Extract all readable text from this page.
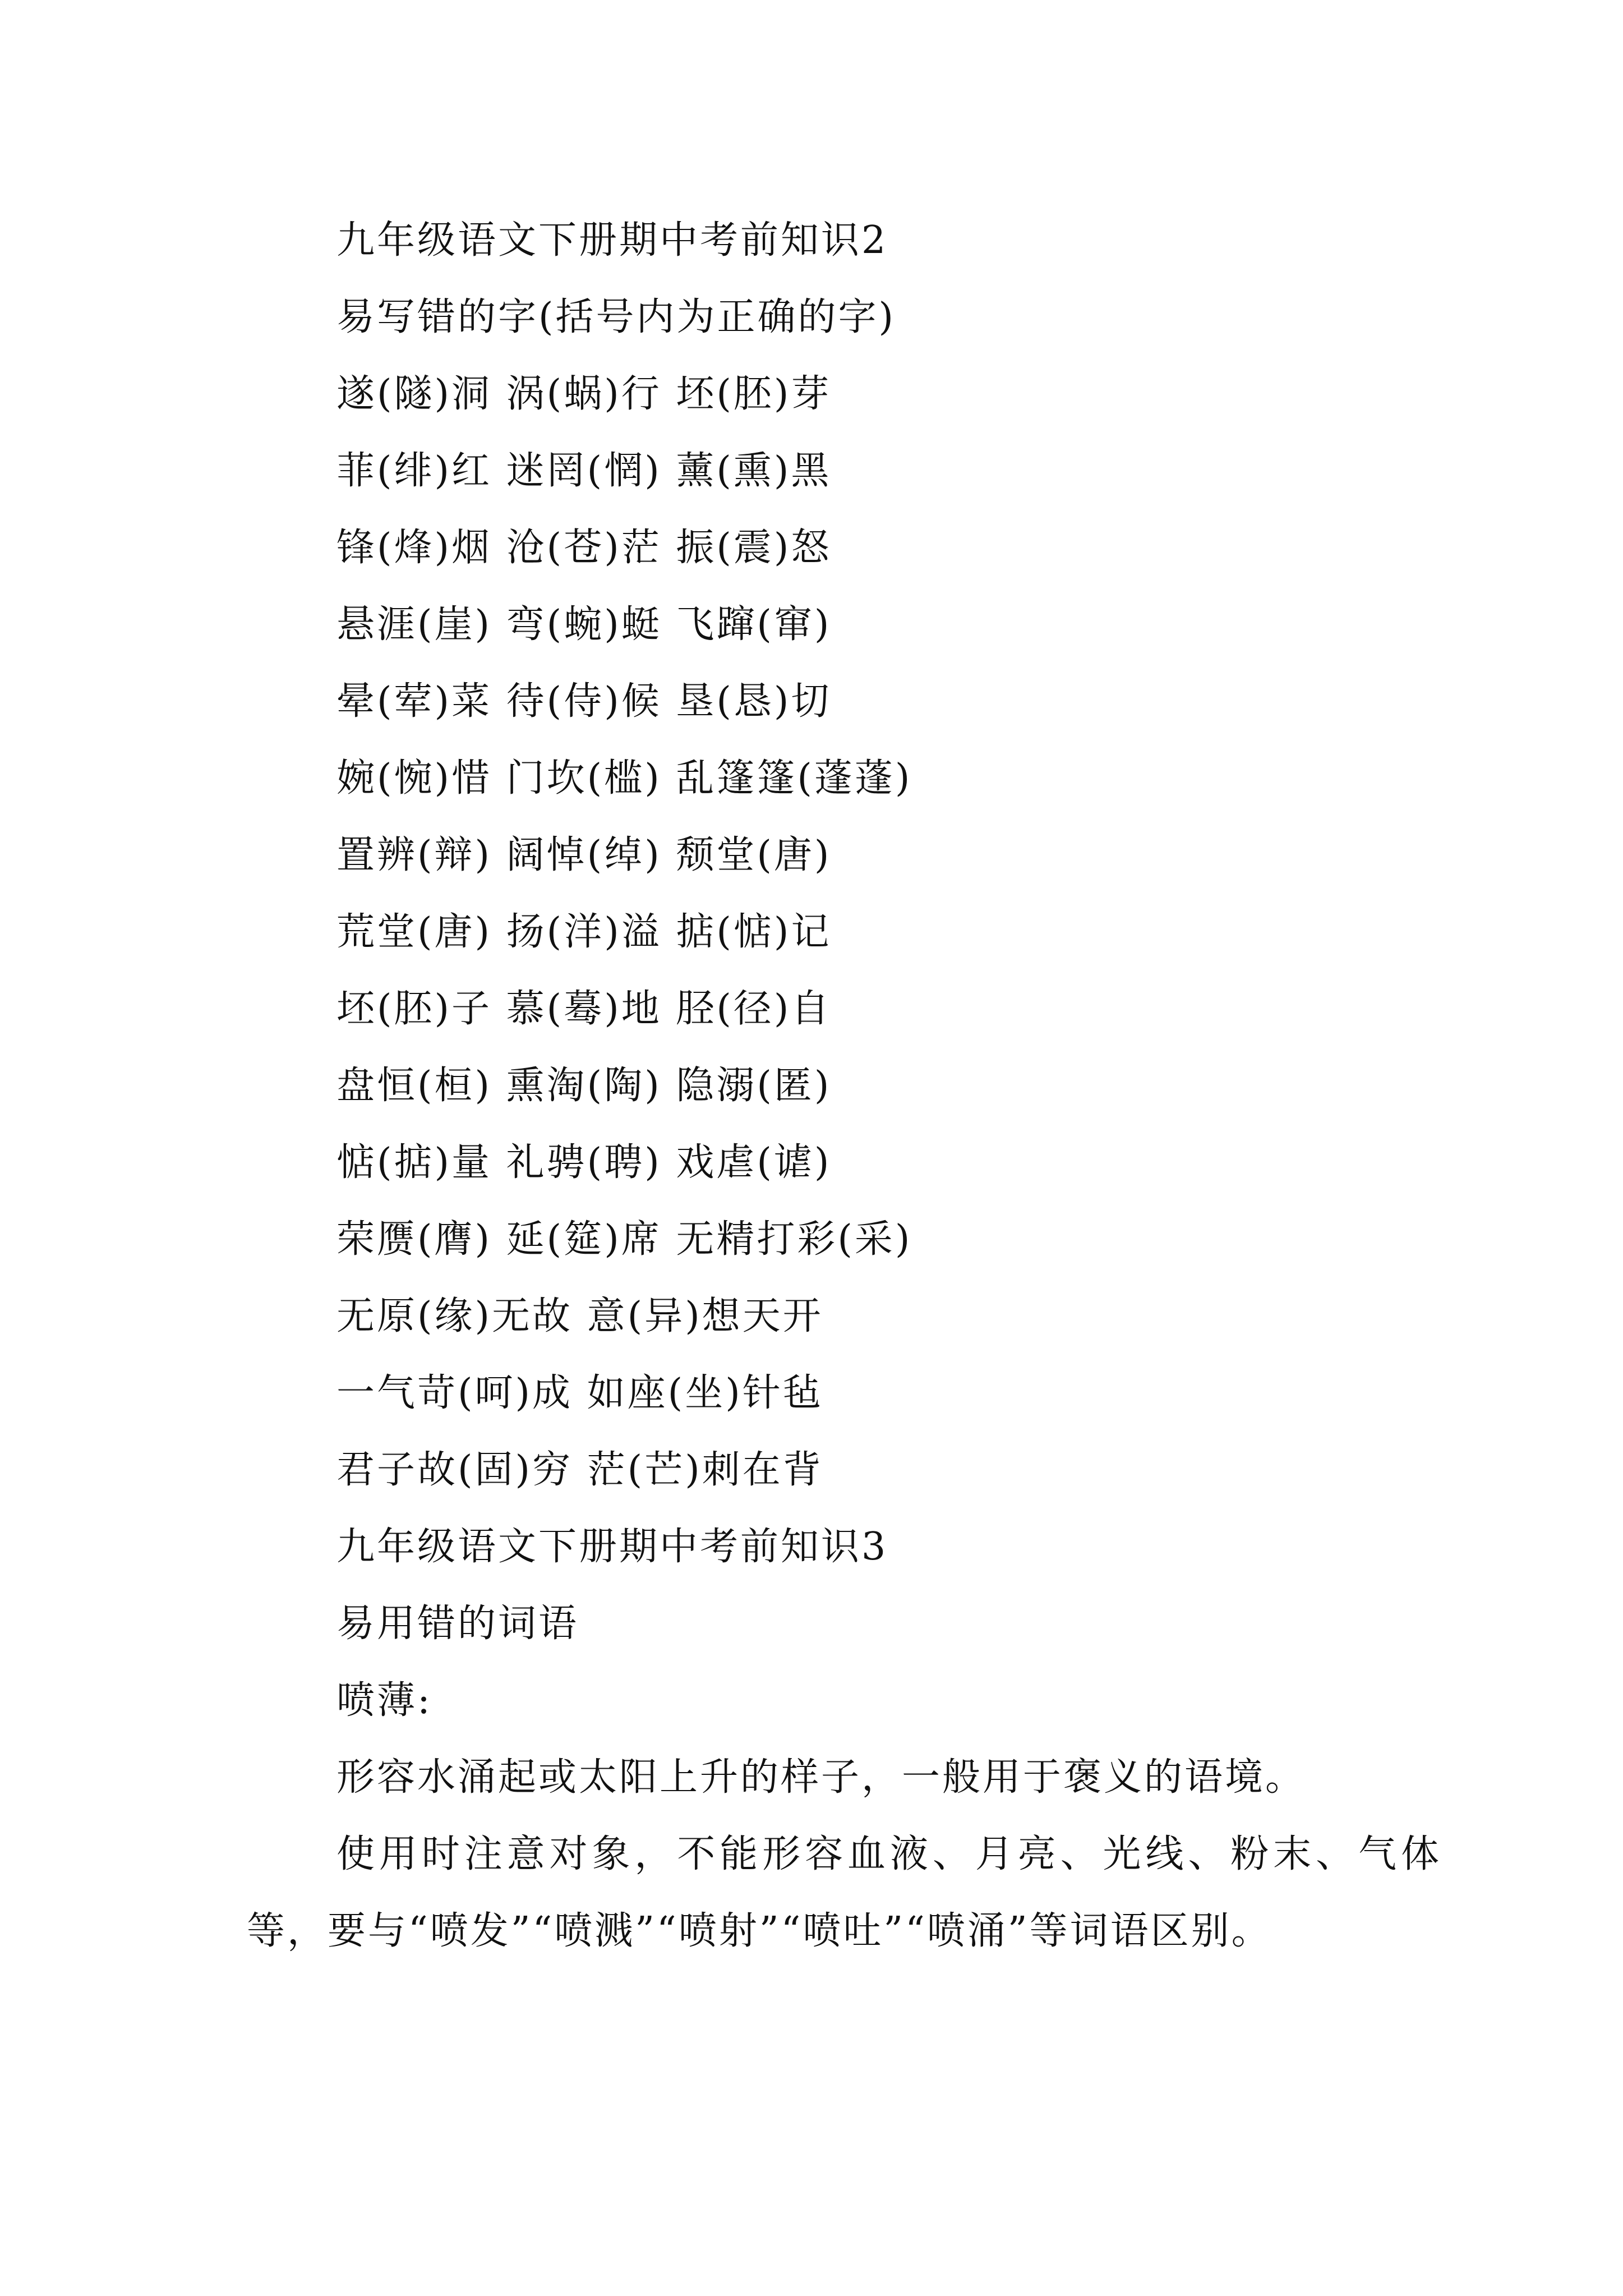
九年级语文下册期中考前知识2
易写错的字(括号内为正确的字)
遂(隧)洞 涡(蜗)行 坯(胚)芽
菲(绯)红 迷罔(惘) 薰(熏)黑
锋(烽)烟 沧(苍)茫 振(震)怒
悬涯(崖) 弯(蜿)蜓 飞蹿(窜)
晕(荤)菜 待(侍)候 垦(恳)切
婉(惋)惜 门坎(槛) 乱篷篷(蓬蓬)
置辨(辩) 阔悼(绰) 颓堂(唐)
荒堂(唐) 扬(洋)溢 掂(惦)记
坯(胚)子 慕(蓦)地 胫(径)自
盘恒(桓) 熏淘(陶) 隐溺(匿)
惦(掂)量 礼骋(聘) 戏虐(谑)
荣赝(膺) 延(筵)席 无精打彩(采)
无原(缘)无故 意(异)想天开
一气苛(呵)成 如座(坐)针毡
君子故(固)穷 茫(芒)刺在背
九年级语文下册期中考前知识3
易用错的词语
喷薄:
形容水涌起或太阳上升的样子，一般用于褒义的语境。
使用时注意对象，不能形容血液、月亮、光线、粉末、气体等，要与“喷发”“喷溅”“喷射”“喷吐”“喷涌”等词语区别。
